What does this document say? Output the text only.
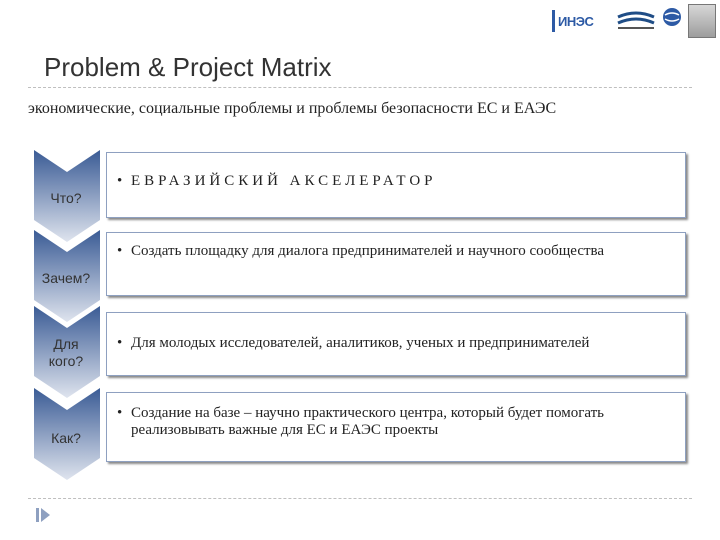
ИНЭС
Problem & Project Matrix
экономические, социальные проблемы и проблемы безопасности ЕС и ЕАЭС
Что?
• ЕВРАЗИЙСКИЙ АКСЕЛЕРАТОР
Зачем?
• Создать площадку для диалога предпринимателей и научного сообщества
Для
кого?
• Для молодых исследователей, аналитиков, ученых и предпринимателей
Как?
• Создание на базе – научно практического центра, который будет помогать реализовывать важные для ЕС и ЕАЭС проекты
